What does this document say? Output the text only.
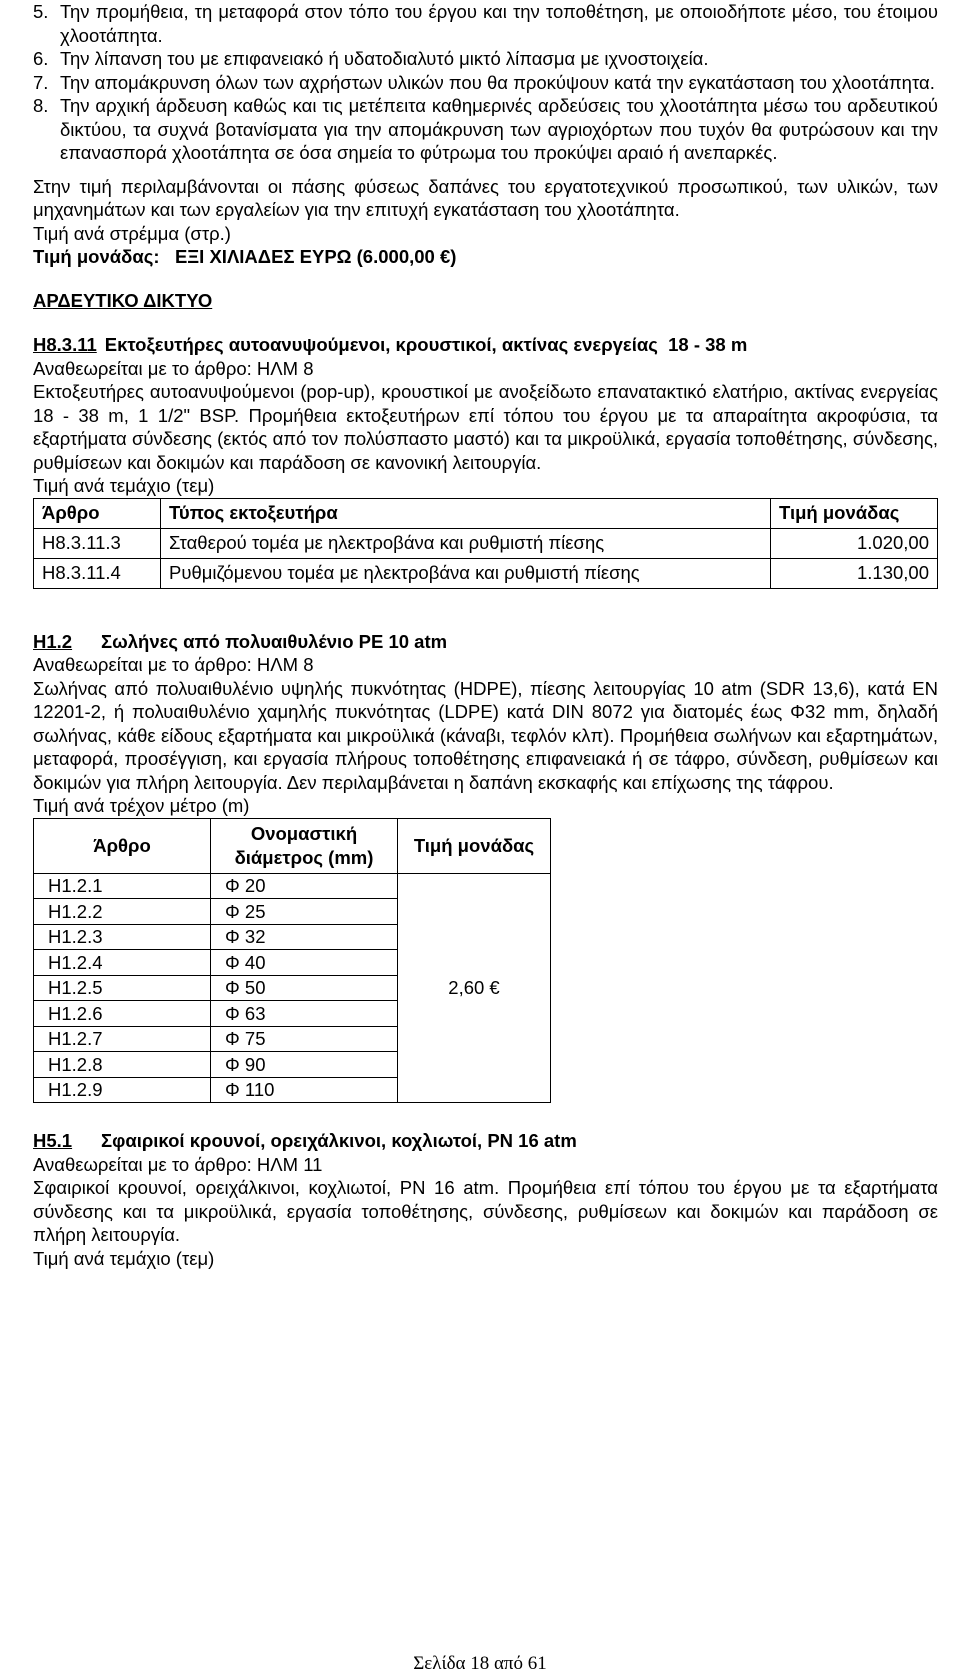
5. Την προμήθεια, τη μεταφορά στον τόπο του έργου και την τοποθέτηση, με οποιοδήποτε μέσο, του έτοιμου χλοοτάπητα.
6. Την λίπανση του με επιφανειακό ή υδατοδιαλυτό μικτό λίπασμα με ιχνοστοιχεία.
7. Την απομάκρυνση όλων των αχρήστων υλικών που θα προκύψουν κατά την εγκατάσταση του χλοοτάπητα.
8. Την αρχική άρδευση καθώς και τις μετέπειτα καθημερινές αρδεύσεις του χλοοτάπητα μέσω του αρδευτικού δικτύου, τα συχνά βοτανίσματα για την απομάκρυνση των αγριοχόρτων που τυχόν θα φυτρώσουν και την επανασπορά χλοοτάπητα σε όσα σημεία το φύτρωμα του προκύψει αραιό ή ανεπαρκές.

Στην τιμή περιλαμβάνονται οι πάσης φύσεως δαπάνες του εργατοτεχνικού προσωπικού, των υλικών, των μηχανημάτων και των εργαλείων για την επιτυχή εγκατάσταση του χλοοτάπητα.

Τιμή ανά στρέμμα (στρ.)

Τιμή μονάδας:   ΕΞΙ ΧΙΛΙΑΔΕΣ ΕΥΡΩ (6.000,00 €)

ΑΡΔΕΥΤΙΚΟ ΔΙΚΤΥΟ

Η8.3.11 Εκτοξευτήρες αυτοανυψούμενοι, κρουστικοί, ακτίνας ενεργείας  18 - 38 m

Αναθεωρείται με το άρθρο: ΗΛΜ 8

Εκτοξευτήρες αυτοανυψούμενοι (pop-up), κρουστικοί με ανοξείδωτο επανατακτικό ελατήριο, ακτίνας ενεργείας 18 - 38 m, 1 1/2" BSP. Προμήθεια εκτοξευτήρων επί τόπου του έργου με τα απαραίτητα ακροφύσια, τα εξαρτήματα σύνδεσης (εκτός από τον πολύσπαστο μαστό) και τα μικροϋλικά, εργασία τοποθέτησης, σύνδεσης, ρυθμίσεων και δοκιμών και παράδοση σε κανονική λειτουργία.

Τιμή ανά τεμάχιο (τεμ)

Άρθρο	Τύπος εκτοξευτήρα	Τιμή μονάδας
Η8.3.11.3	Σταθερού τομέα με ηλεκτροβάνα και ρυθμιστή πίεσης	1.020,00
Η8.3.11.4	Ρυθμιζόμενου τομέα με ηλεκτροβάνα και ρυθμιστή πίεσης	1.130,00
Η1.2	Σωλήνες από πολυαιθυλένιο PE 10 atm

Αναθεωρείται με το άρθρο: ΗΛΜ 8

Σωλήνας από πολυαιθυλένιο υψηλής πυκνότητας (HDPE), πίεσης λειτουργίας 10 atm (SDR 13,6), κατά ΕΝ 12201-2, ή πολυαιθυλένιο χαμηλής πυκνότητας (LDPE) κατά DIN 8072 για διατομές έως Φ32 mm, δηλαδή σωλήνας, κάθε είδους εξαρτήματα και μικροϋλικά (κάναβι, τεφλόν κλπ). Προμήθεια σωλήνων και εξαρτημάτων, μεταφορά, προσέγγιση, και εργασία πλήρους τοποθέτησης επιφανειακά ή σε τάφρο, σύνδεση, ρυθμίσεων και δοκιμών για πλήρη λειτουργία. Δεν περιλαμβάνεται η δαπάνη εκσκαφής και επίχωσης της τάφρου.

Τιμή ανά τρέχον μέτρο (m)

Άρθρο	Ονομαστική διάμετρος (mm)	Τιμή μονάδας
Η1.2.1	Φ 20	2,60 €
Η1.2.2	Φ 25	
Η1.2.3	Φ 32	
Η1.2.4	Φ 40	
Η1.2.5	Φ 50	
Η1.2.6	Φ 63	
Η1.2.7	Φ 75	
Η1.2.8	Φ 90	
Η1.2.9	Φ 110	
Η5.1	Σφαιρικοί κρουνοί, ορειχάλκινοι, κοχλιωτοί, PN 16 atm

Αναθεωρείται με το άρθρο: ΗΛΜ 11

Σφαιρικοί κρουνοί, ορειχάλκινοι, κοχλιωτοί, PN 16 atm. Προμήθεια επί τόπου του έργου με τα εξαρτήματα σύνδεσης και τα μικροϋλικά, εργασία τοποθέτησης, σύνδεσης, ρυθμίσεων και δοκιμών και παράδοση σε πλήρη λειτουργία.

Τιμή ανά τεμάχιο (τεμ)

Σελίδα 18 από 61
